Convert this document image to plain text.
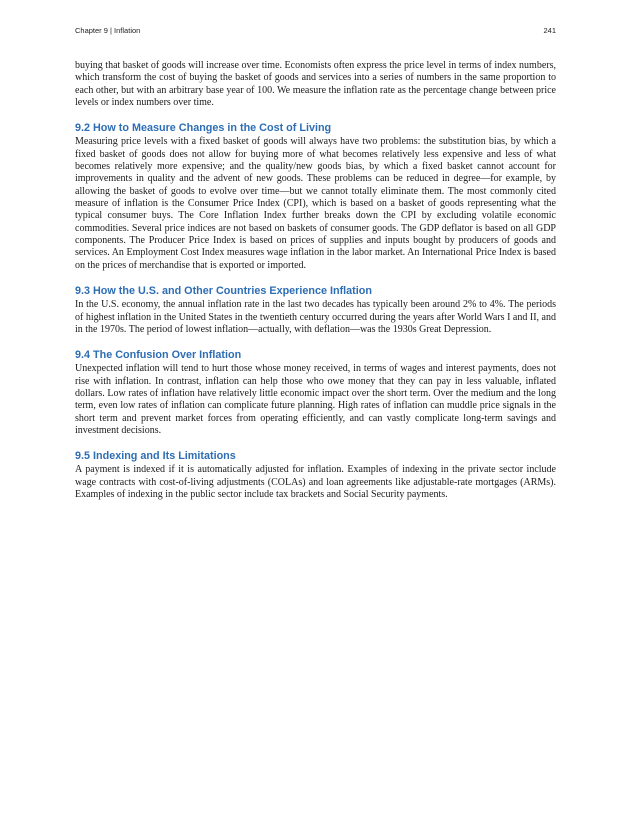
Chapter 9 | Inflation	241

buying that basket of goods will increase over time. Economists often express the price level in terms of index numbers, which transform the cost of buying the basket of goods and services into a series of numbers in the same proportion to each other, but with an arbitrary base year of 100. We measure the inflation rate as the percentage change between price levels or index numbers over time.

9.2 How to Measure Changes in the Cost of Living

Measuring price levels with a fixed basket of goods will always have two problems: the substitution bias, by which a fixed basket of goods does not allow for buying more of what becomes relatively less expensive and less of what becomes relatively more expensive; and the quality/new goods bias, by which a fixed basket cannot account for improvements in quality and the advent of new goods. These problems can be reduced in degree—for example, by allowing the basket of goods to evolve over time—but we cannot totally eliminate them. The most commonly cited measure of inflation is the Consumer Price Index (CPI), which is based on a basket of goods representing what the typical consumer buys. The Core Inflation Index further breaks down the CPI by excluding volatile economic commodities. Several price indices are not based on baskets of consumer goods. The GDP deflator is based on all GDP components. The Producer Price Index is based on prices of supplies and inputs bought by producers of goods and services. An Employment Cost Index measures wage inflation in the labor market. An International Price Index is based on the prices of merchandise that is exported or imported.

9.3 How the U.S. and Other Countries Experience Inflation

In the U.S. economy, the annual inflation rate in the last two decades has typically been around 2% to 4%. The periods of highest inflation in the United States in the twentieth century occurred during the years after World Wars I and II, and in the 1970s. The period of lowest inflation—actually, with deflation—was the 1930s Great Depression.

9.4 The Confusion Over Inflation

Unexpected inflation will tend to hurt those whose money received, in terms of wages and interest payments, does not rise with inflation. In contrast, inflation can help those who owe money that they can pay in less valuable, inflated dollars. Low rates of inflation have relatively little economic impact over the short term. Over the medium and the long term, even low rates of inflation can complicate future planning. High rates of inflation can muddle price signals in the short term and prevent market forces from operating efficiently, and can vastly complicate long-term savings and investment decisions.

9.5 Indexing and Its Limitations

A payment is indexed if it is automatically adjusted for inflation. Examples of indexing in the private sector include wage contracts with cost-of-living adjustments (COLAs) and loan agreements like adjustable-rate mortgages (ARMs). Examples of indexing in the public sector include tax brackets and Social Security payments.
